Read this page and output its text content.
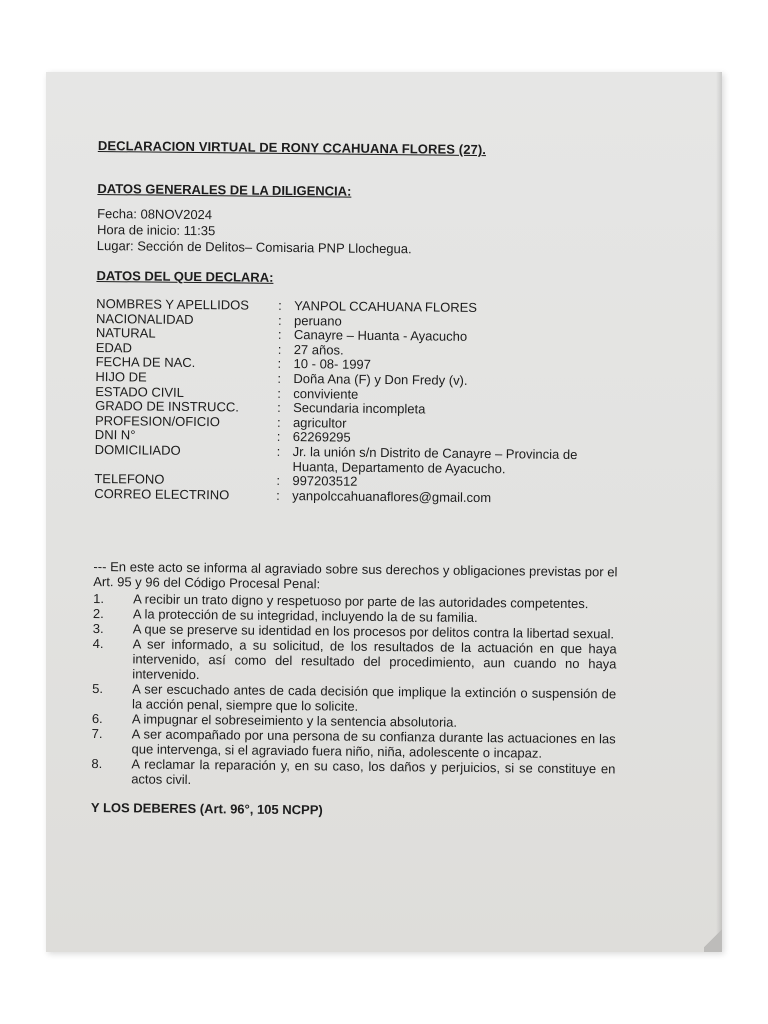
DECLARACION VIRTUAL DE RONY CCAHUANA FLORES (27).
DATOS GENERALES DE LA DILIGENCIA:
Fecha: 08NOV2024
Hora de inicio: 11:35
Lugar: Sección de Delitos– Comisaria PNP Llochegua.
DATOS DEL QUE DECLARA:
NOMBRES Y APELLIDOS	: YANPOL CCAHUANA FLORES
NACIONALIDAD	: peruano
NATURAL	: Canayre – Huanta - Ayacucho
EDAD	: 27 años.
FECHA DE NAC.	: 10 - 08- 1997
HIJO DE	: Doña Ana (F) y Don Fredy (v).
ESTADO CIVIL	: conviviente
GRADO DE INSTRUCC.	: Secundaria incompleta
PROFESION/OFICIO	: agricultor
DNI N°	: 62269295
DOMICILIADO	: Jr. la unión s/n Distrito de Canayre – Provincia de Huanta, Departamento de Ayacucho.
TELEFONO	: 997203512
CORREO ELECTRINO	: yanpolccahuanaflores@gmail.com
--- En este acto se informa al agraviado sobre sus derechos y obligaciones previstas por el Art. 95 y 96 del Código Procesal Penal:
1.	A recibir un trato digno y respetuoso por parte de las autoridades competentes.
2.	A la protección de su integridad, incluyendo la de su familia.
3.	A que se preserve su identidad en los procesos por delitos contra la libertad sexual.
4.	A ser informado, a su solicitud, de los resultados de la actuación en que haya intervenido, así como del resultado del procedimiento, aun cuando no haya intervenido.
5.	A ser escuchado antes de cada decisión que implique la extinción o suspensión de la acción penal, siempre que lo solicite.
6.	A impugnar el sobreseimiento y la sentencia absolutoria.
7.	A ser acompañado por una persona de su confianza durante las actuaciones en las que intervenga, si el agraviado fuera niño, niña, adolescente o incapaz.
8.	A reclamar la reparación y, en su caso, los daños y perjuicios, si se constituye en actos civil.
Y LOS DEBERES (Art. 96°, 105 NCPP)
